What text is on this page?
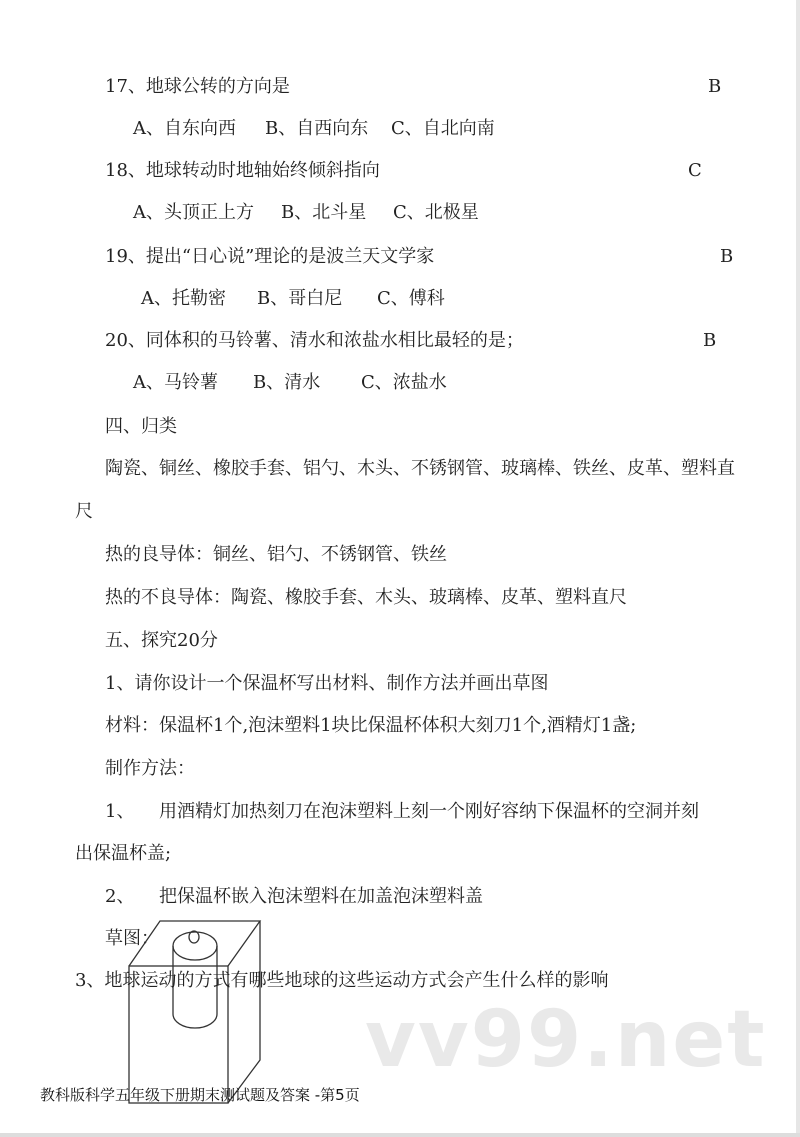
17、地球公转的方向是	B
A、自东向西 B、自西向东 C、自北向南
18、地球转动时地轴始终倾斜指向	C
A、头顶正上方 B、北斗星 C、北极星
19、提出“日心说”理论的是波兰天文学家	B
A、托勒密 B、哥白尼 C、傅科
20、同体积的马铃薯、清水和浓盐水相比最轻的是；	B
A、马铃薯 B、清水 C、浓盐水
四、归类
陶瓷、铜丝、橡胶手套、铝勺、木头、不锈钢管、玻璃棒、铁丝、皮革、塑料直
尺
热的良导体：铜丝、铝勺、不锈钢管、铁丝
热的不良导体：陶瓷、橡胶手套、木头、玻璃棒、皮革、塑料直尺
五、探究20分
1、请你设计一个保温杯写出材料、制作方法并画出草图
材料：保温杯1个,泡沫塑料1块比保温杯体积大刻刀1个,酒精灯1盏;
制作方法：
1、 用酒精灯加热刻刀在泡沫塑料上刻一个刚好容纳下保温杯的空洞并刻
出保温杯盖;
2、 把保温杯嵌入泡沫塑料在加盖泡沫塑料盖
草图：
vv99.net
3、地球运动的方式有哪些地球的这些运动方式会产生什么样的影响
教科版科学五年级下册期末测试题及答案 -第5页
